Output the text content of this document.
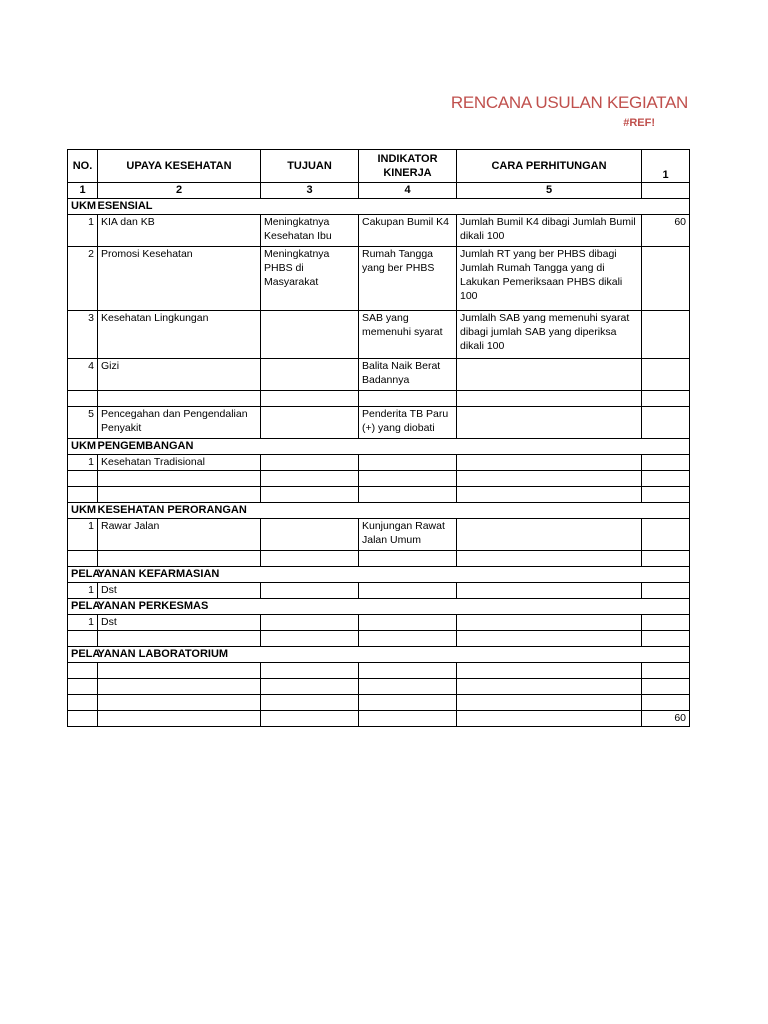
RENCANA USULAN KEGIATAN
#REF!
NO.	UPAYA KESEHATAN	TUJUAN	INDIKATOR KINERJA	CARA PERHITUNGAN	1
1	2	3	4	5	
UKM	ESENSIAL				
1	KIA dan KB	Meningkatnya Kesehatan Ibu	Cakupan Bumil K4	Jumlah Bumil K4 dibagi Jumlah Bumil dikali 100	60
2	Promosi Kesehatan	Meningkatnya PHBS di Masyarakat	Rumah Tangga yang ber PHBS	Jumlah RT yang ber PHBS dibagi Jumlah Rumah Tangga yang di Lakukan Pemeriksaan PHBS dikali 100	
3	Kesehatan Lingkungan		SAB yang memenuhi syarat	Jumlalh SAB yang memenuhi syarat dibagi jumlah SAB yang diperiksa dikali 100	
4	Gizi		Balita Naik Berat Badannya		

5	Pencegahan dan Pengendalian Penyakit		Penderita TB Paru (+) yang diobati		
UKM	PENGEMBANGAN				
1	Kesehatan Tradisional				

UKM	KESEHATAN PERORANGAN				
1	Rawar Jalan		Kunjungan Rawat Jalan Umum		

PELA	YANAN KEFARMASIAN				
1	Dst				
PELA	YANAN PERKESMAS				
1	Dst				

PELA	YANAN LABORATORIUM				

					60
